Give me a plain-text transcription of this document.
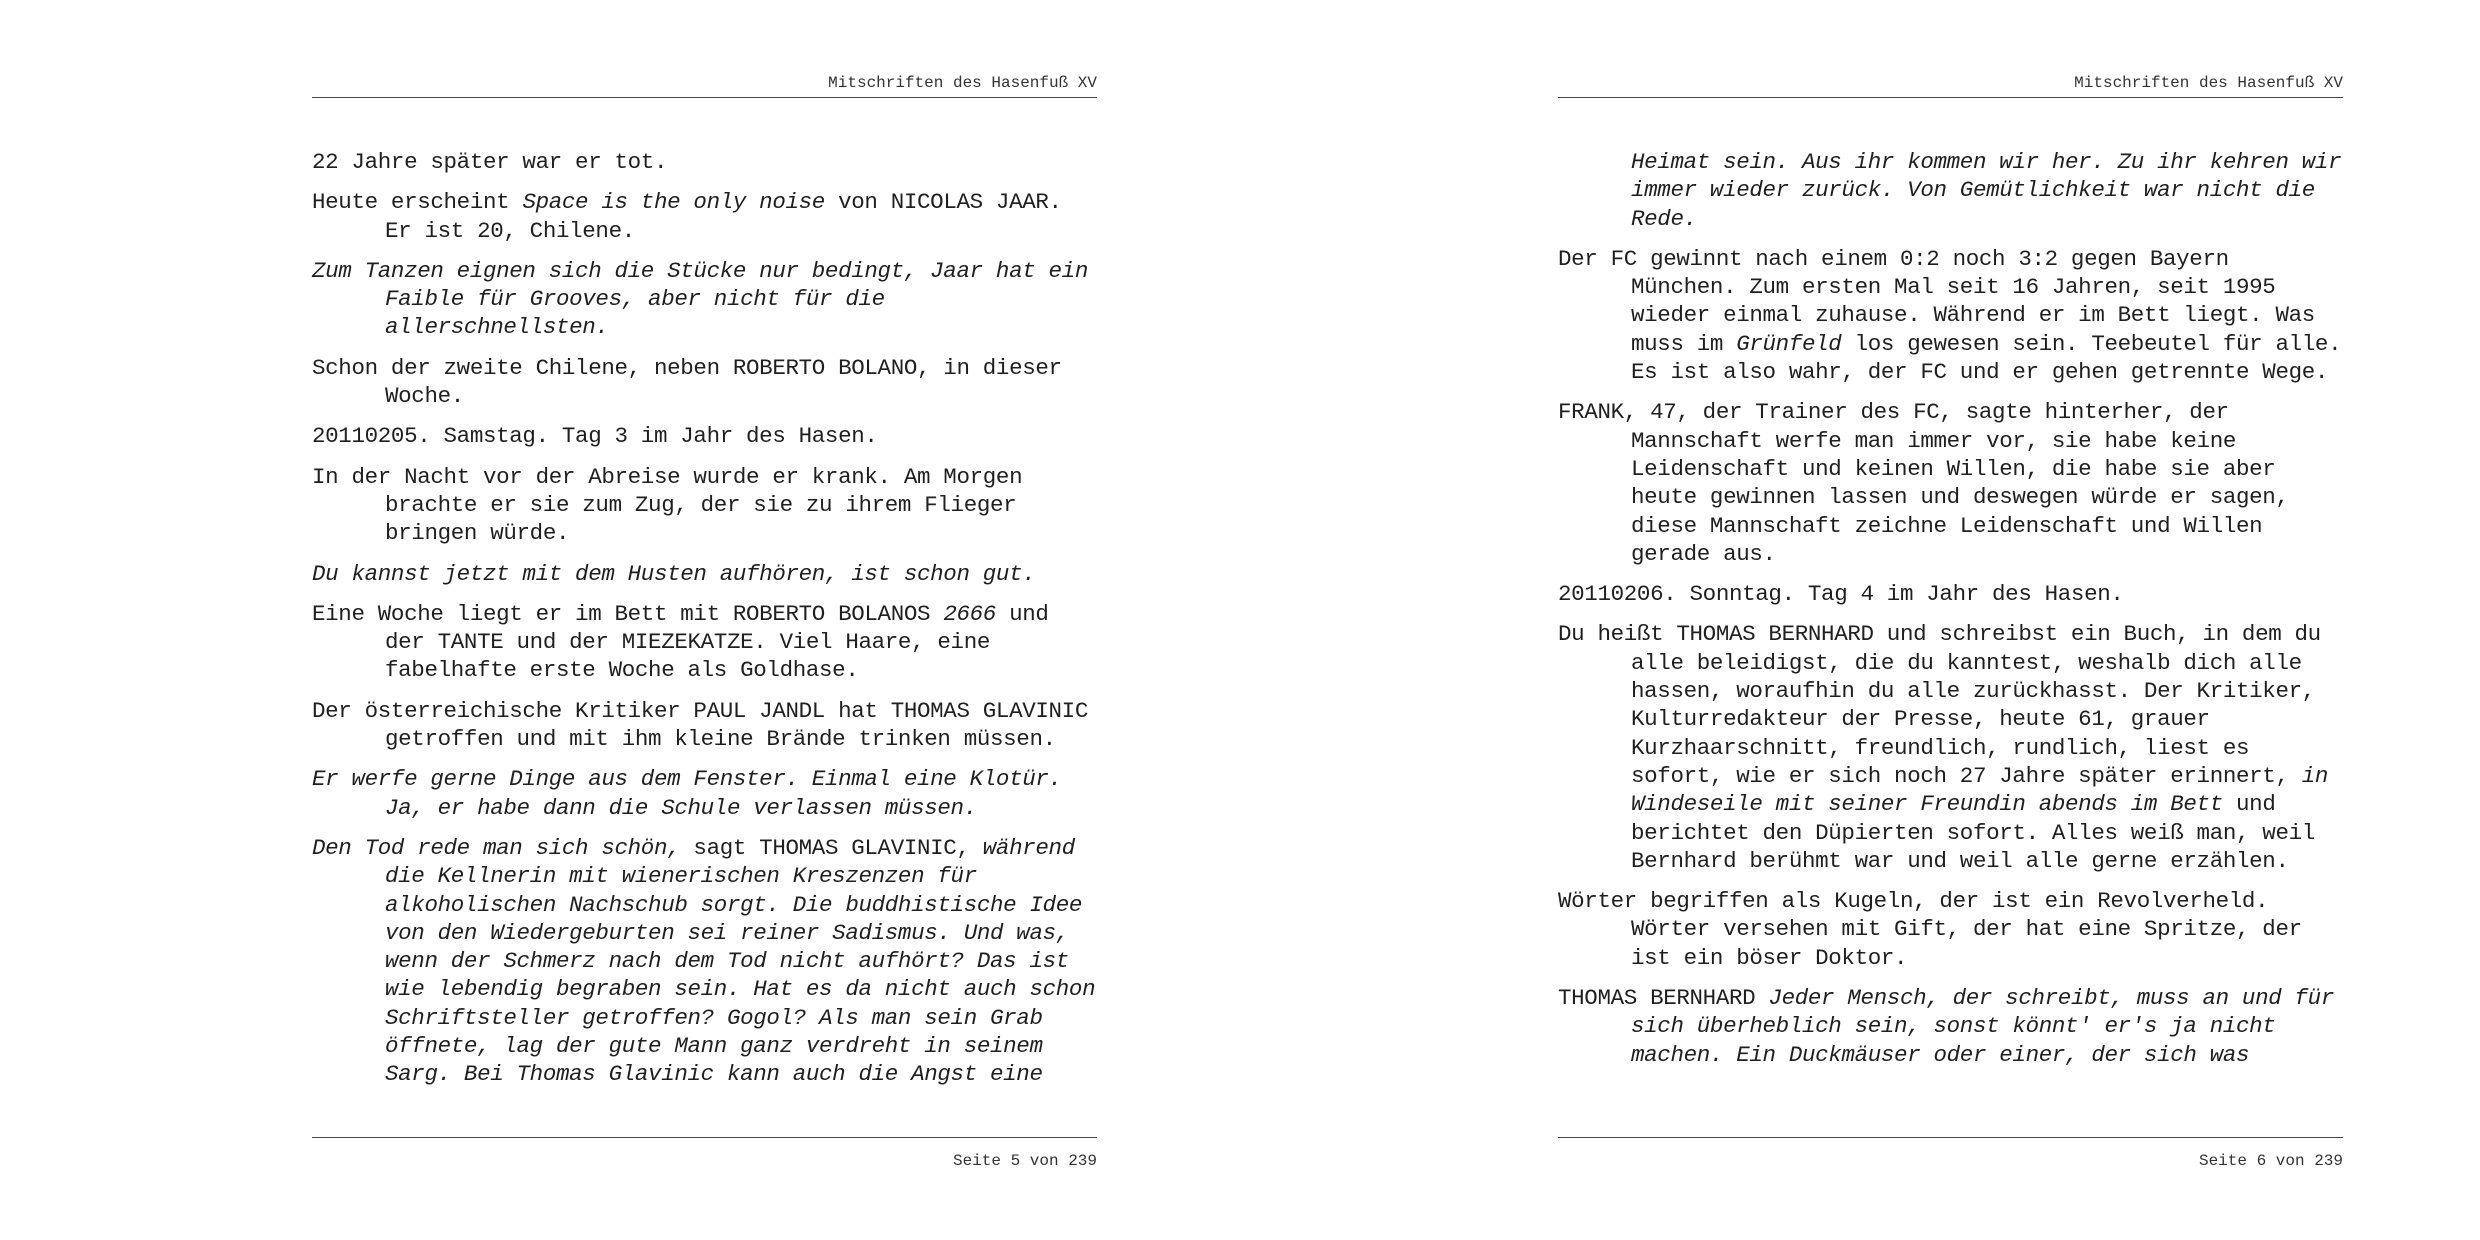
Mitschriften des Hasenfuß XV

22 Jahre später war er tot.

Heute erscheint Space is the only noise von NICOLAS JAAR. Er ist 20, Chilene.

Zum Tanzen eignen sich die Stücke nur bedingt, Jaar hat ein Faible für Grooves, aber nicht für die allerschnellsten.

Schon der zweite Chilene, neben ROBERTO BOLANO, in dieser Woche.

20110205. Samstag. Tag 3 im Jahr des Hasen.

In der Nacht vor der Abreise wurde er krank. Am Morgen brachte er sie zum Zug, der sie zu ihrem Flieger bringen würde.

Du kannst jetzt mit dem Husten aufhören, ist schon gut.

Eine Woche liegt er im Bett mit ROBERTO BOLANOS 2666 und der TANTE und der MIEZEKATZE. Viel Haare, eine fabelhafte erste Woche als Goldhase.

Der österreichische Kritiker PAUL JANDL hat THOMAS GLAVINIC getroffen und mit ihm kleine Brände trinken müssen.

Er werfe gerne Dinge aus dem Fenster. Einmal eine Klotür. Ja, er habe dann die Schule verlassen müssen.

Den Tod rede man sich schön, sagt THOMAS GLAVINIC, während die Kellnerin mit wienerischen Kreszenzen für alkoholischen Nachschub sorgt. Die buddhistische Idee von den Wiedergeburten sei reiner Sadismus. Und was, wenn der Schmerz nach dem Tod nicht aufhört? Das ist wie lebendig begraben sein. Hat es da nicht auch schon Schriftsteller getroffen? Gogol? Als man sein Grab öffnete, lag der gute Mann ganz verdreht in seinem Sarg. Bei Thomas Glavinic kann auch die Angst eine

Seite 5 von 239
Mitschriften des Hasenfuß XV

Heimat sein. Aus ihr kommen wir her. Zu ihr kehren wir immer wieder zurück. Von Gemütlichkeit war nicht die Rede.

Der FC gewinnt nach einem 0:2 noch 3:2 gegen Bayern München. Zum ersten Mal seit 16 Jahren, seit 1995 wieder einmal zuhause. Während er im Bett liegt. Was muss im Grünfeld los gewesen sein. Teebeutel für alle. Es ist also wahr, der FC und er gehen getrennte Wege.

FRANK, 47, der Trainer des FC, sagte hinterher, der Mannschaft werfe man immer vor, sie habe keine Leidenschaft und keinen Willen, die habe sie aber heute gewinnen lassen und deswegen würde er sagen, diese Mannschaft zeichne Leidenschaft und Willen gerade aus.

20110206. Sonntag. Tag 4 im Jahr des Hasen.

Du heißt THOMAS BERNHARD und schreibst ein Buch, in dem du alle beleidigst, die du kanntest, weshalb dich alle hassen, woraufhin du alle zurückhasst. Der Kritiker, Kulturredakteur der Presse, heute 61, grauer Kurzhaarschnitt, freundlich, rundlich, liest es sofort, wie er sich noch 27 Jahre später erinnert, in Windeseile mit seiner Freundin abends im Bett und berichtet den Düpierten sofort. Alles weiß man, weil Bernhard berühmt war und weil alle gerne erzählen.

Wörter begriffen als Kugeln, der ist ein Revolverheld. Wörter versehen mit Gift, der hat eine Spritze, der ist ein böser Doktor.

THOMAS BERNHARD Jeder Mensch, der schreibt, muss an und für sich überheblich sein, sonst könnt' er's ja nicht machen. Ein Duckmäuser oder einer, der sich was

Seite 6 von 239
